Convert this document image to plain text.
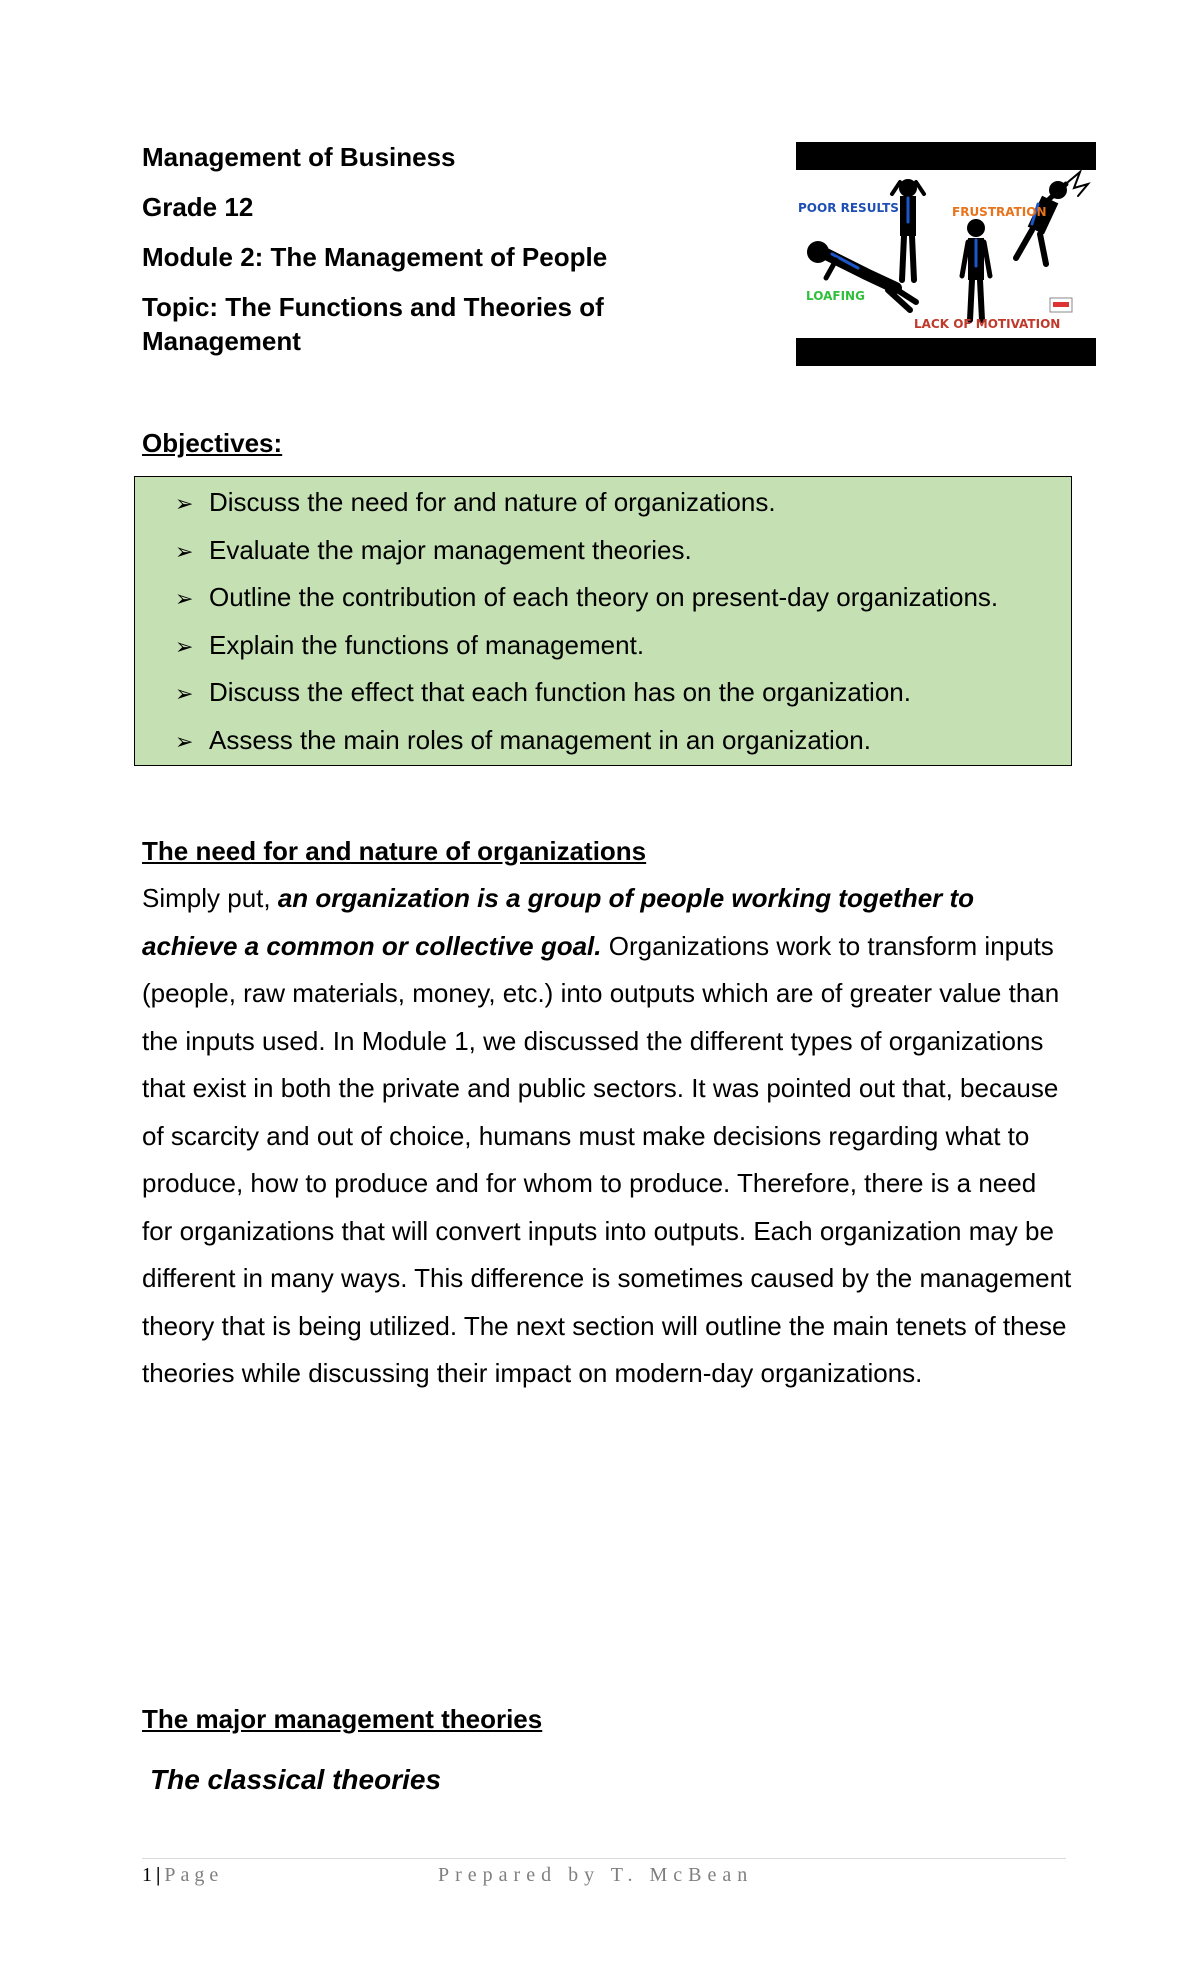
Management of Business
Grade 12
Module 2: The Management of People
Topic: The Functions and Theories of
Management
POOR RESULTS	FRUSTRATION
LOAFING
LACK OF MOTIVATION
Objectives:
➢ Discuss the need for and nature of organizations.
➢ Evaluate the major management theories.
➢ Outline the contribution of each theory on present-day organizations.
➢ Explain the functions of management.
➢ Discuss the effect that each function has on the organization.
➢ Assess the main roles of management in an organization.
The need for and nature of organizations

Simply put, an organization is a group of people working together to achieve a common or collective goal. Organizations work to transform inputs (people, raw materials, money, etc.) into outputs which are of greater value than the inputs used. In Module 1, we discussed the different types of organizations that exist in both the private and public sectors. It was pointed out that, because of scarcity and out of choice, humans must make decisions regarding what to produce, how to produce and for whom to produce. Therefore, there is a need for organizations that will convert inputs into outputs. Each organization may be different in many ways. This difference is sometimes caused by the management theory that is being utilized. The next section will outline the main tenets of these theories while discussing their impact on modern-day organizations.

The major management theories
The classical theories
1 | Page	Prepared by T. McBean
